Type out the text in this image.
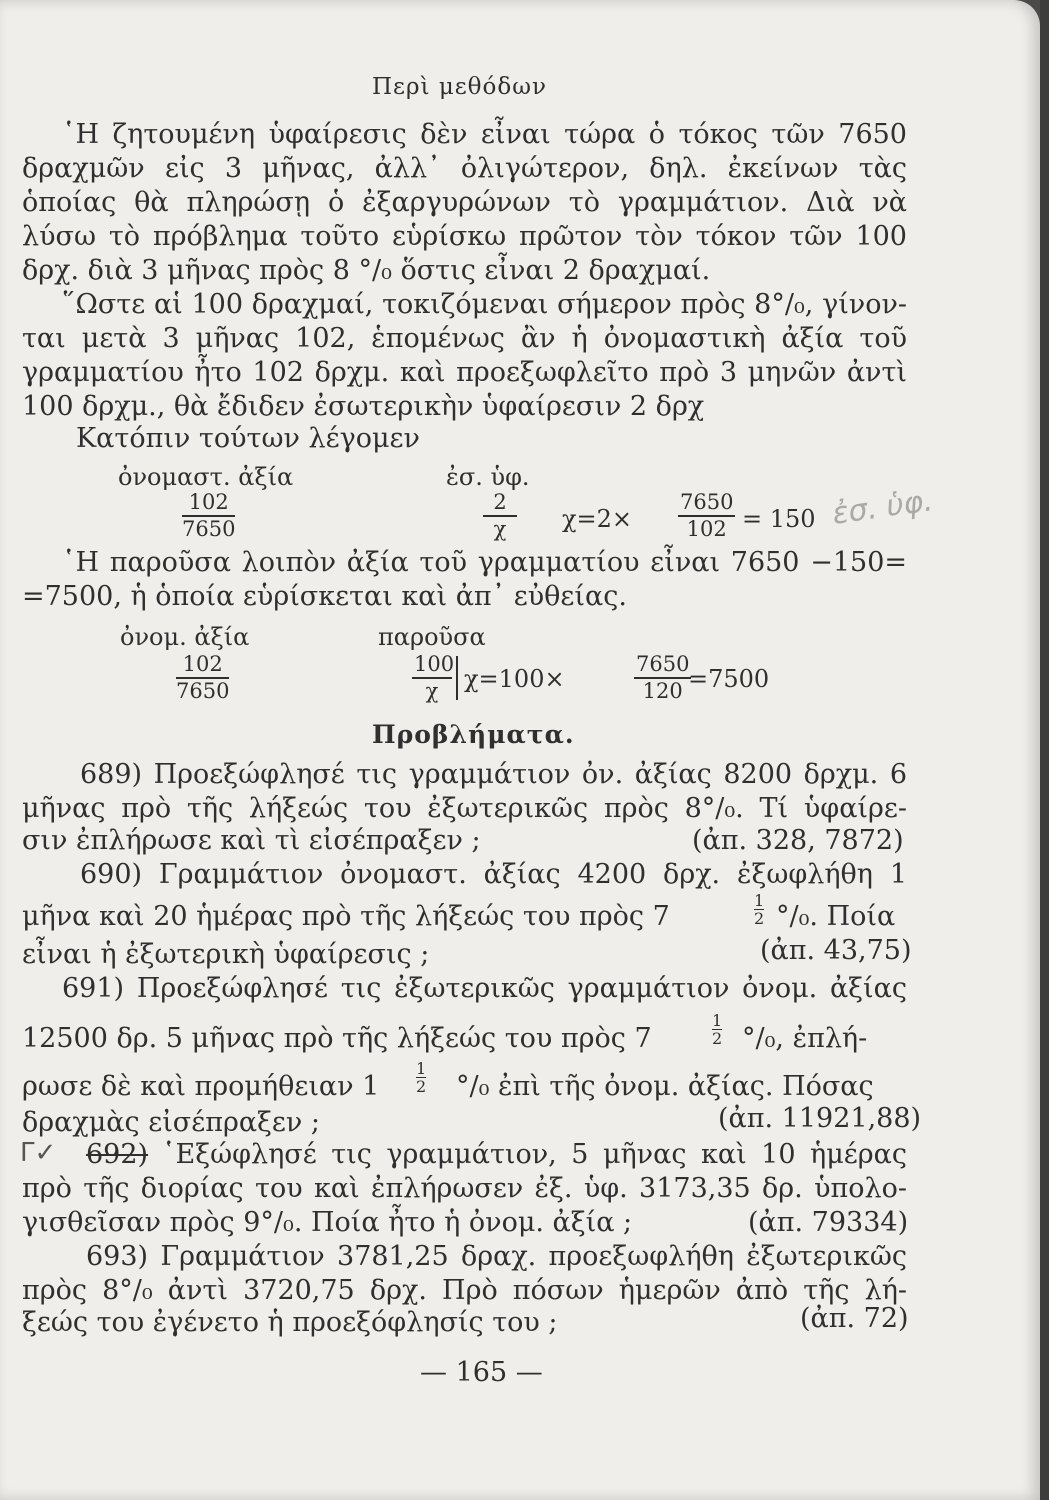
Περὶ μεθόδων
῾Η ζητουμένη ὑφαίρεσις δὲν εἶναι τώρα ὁ τόκος τῶν 7650
δραχμῶν εἰς 3 μῆνας, ἀλλ᾽ ὀλιγώτερον, δηλ. ἐκείνων τὰς
ὁποίας θὰ πληρώσῃ ὁ ἐξαργυρώνων τὸ γραμμάτιον. Διὰ νὰ
λύσω τὸ πρόβλημα τοῦτο εὑρίσκω πρῶτον τὸν τόκον τῶν 100
δρχ. διὰ 3 μῆνας πρὸς 8 °/₀ ὅστις εἶναι 2 δραχμαί.
῞Ωστε αἱ 100 δραχμαί, τοκιζόμεναι σήμερον πρὸς 8°/₀, γίνον-
ται μετὰ 3 μῆνας 102, ἑπομένως ἂν ἡ ὀνομαστικὴ ἀξία τοῦ
γραμματίου ἦτο 102 δρχμ. καὶ προεξωφλεῖτο πρὸ 3 μηνῶν ἀντὶ
100 δρχμ., θὰ ἔδιδεν ἐσωτερικὴν ὑφαίρεσιν 2 δρχ
Κατόπιν τούτων λέγομεν
ὀνομαστ. ἀξία	ἐσ. ὑφ.
$\frac{102}{7650}$	$\frac{2}{\chi} \chi=2\times \frac{7650}{102} = 150$ ἐσ. ὑφ.
῾Η παροῦσα λοιπὸν ἀξία τοῦ γραμματίου εἶναι 7650 −150=
=7500, ἡ ὁποία εὑρίσκεται καὶ ἀπ᾽ εὐθείας.
ὀνομ. ἀξία	παροῦσα
$\frac{102}{7650}$	$\frac{100}{\chi} \chi=100\times$	$\frac{7650}{120}$
=7500
Προβλήματα.
689) Προεξώφλησέ τις γραμμάτιον ὀν. ἀξίας 8200 δρχμ. 6
μῆνας πρὸ τῆς λήξεώς του ἐξωτερικῶς πρὸς 8°/₀. Τί ὑφαίρε-
σιν ἐπλήρωσε καὶ τὶ εἰσέπραξεν ;	(ἀπ. 328, 7872)
690) Γραμμάτιον ὀνομαστ. ἀξίας 4200 δρχ. ἐξωφλήθη 1
μῆνα καὶ 20 ἡμέρας πρὸ τῆς λήξεώς του πρὸς 7	$\frac{1}{2} ^\circ/_0$. Ποία
εἶναι ἡ ἐξωτερικὴ ὑφαίρεσις ;	(ἀπ. 43,75)
691) Προεξώφλησέ τις ἐξωτερικῶς γραμμάτιον ὀνομ. ἀξίας
12500 δρ. 5 μῆνας πρὸ τῆς λήξεώς του πρὸς 7	$\frac{1}{2} ^\circ/_0$, ἐπλή-
ρωσε δὲ καὶ προμήθειαν $1 \frac{1}{2} ^\circ/_0$ ἐπὶ τῆς ὀνομ. ἀξίας. Πόσας
δραχμὰς εἰσέπραξεν ;	(ἀπ. 11921,88)
Γ✓ 692) ῾Εξώφλησέ τις γραμμάτιον, 5 μῆνας καὶ 10 ἡμέρας
πρὸ τῆς διορίας του καὶ ἐπλήρωσεν ἐξ. ὑφ. 3173,35 δρ. ὑπολο-
γισθεῖσαν πρὸς 9°/₀. Ποία ἦτο ἡ ὀνομ. ἀξία ;	(ἀπ. 79334)
693) Γραμμάτιον 3781,25 δραχ. προεξωφλήθη ἐξωτερικῶς
πρὸς 8°/₀ ἀντὶ 3720,75 δρχ. Πρὸ πόσων ἡμερῶν ἀπὸ τῆς λή-
ξεώς του ἐγένετο ἡ προεξόφλησίς του ;	(ἀπ. 72)
— 165 —
